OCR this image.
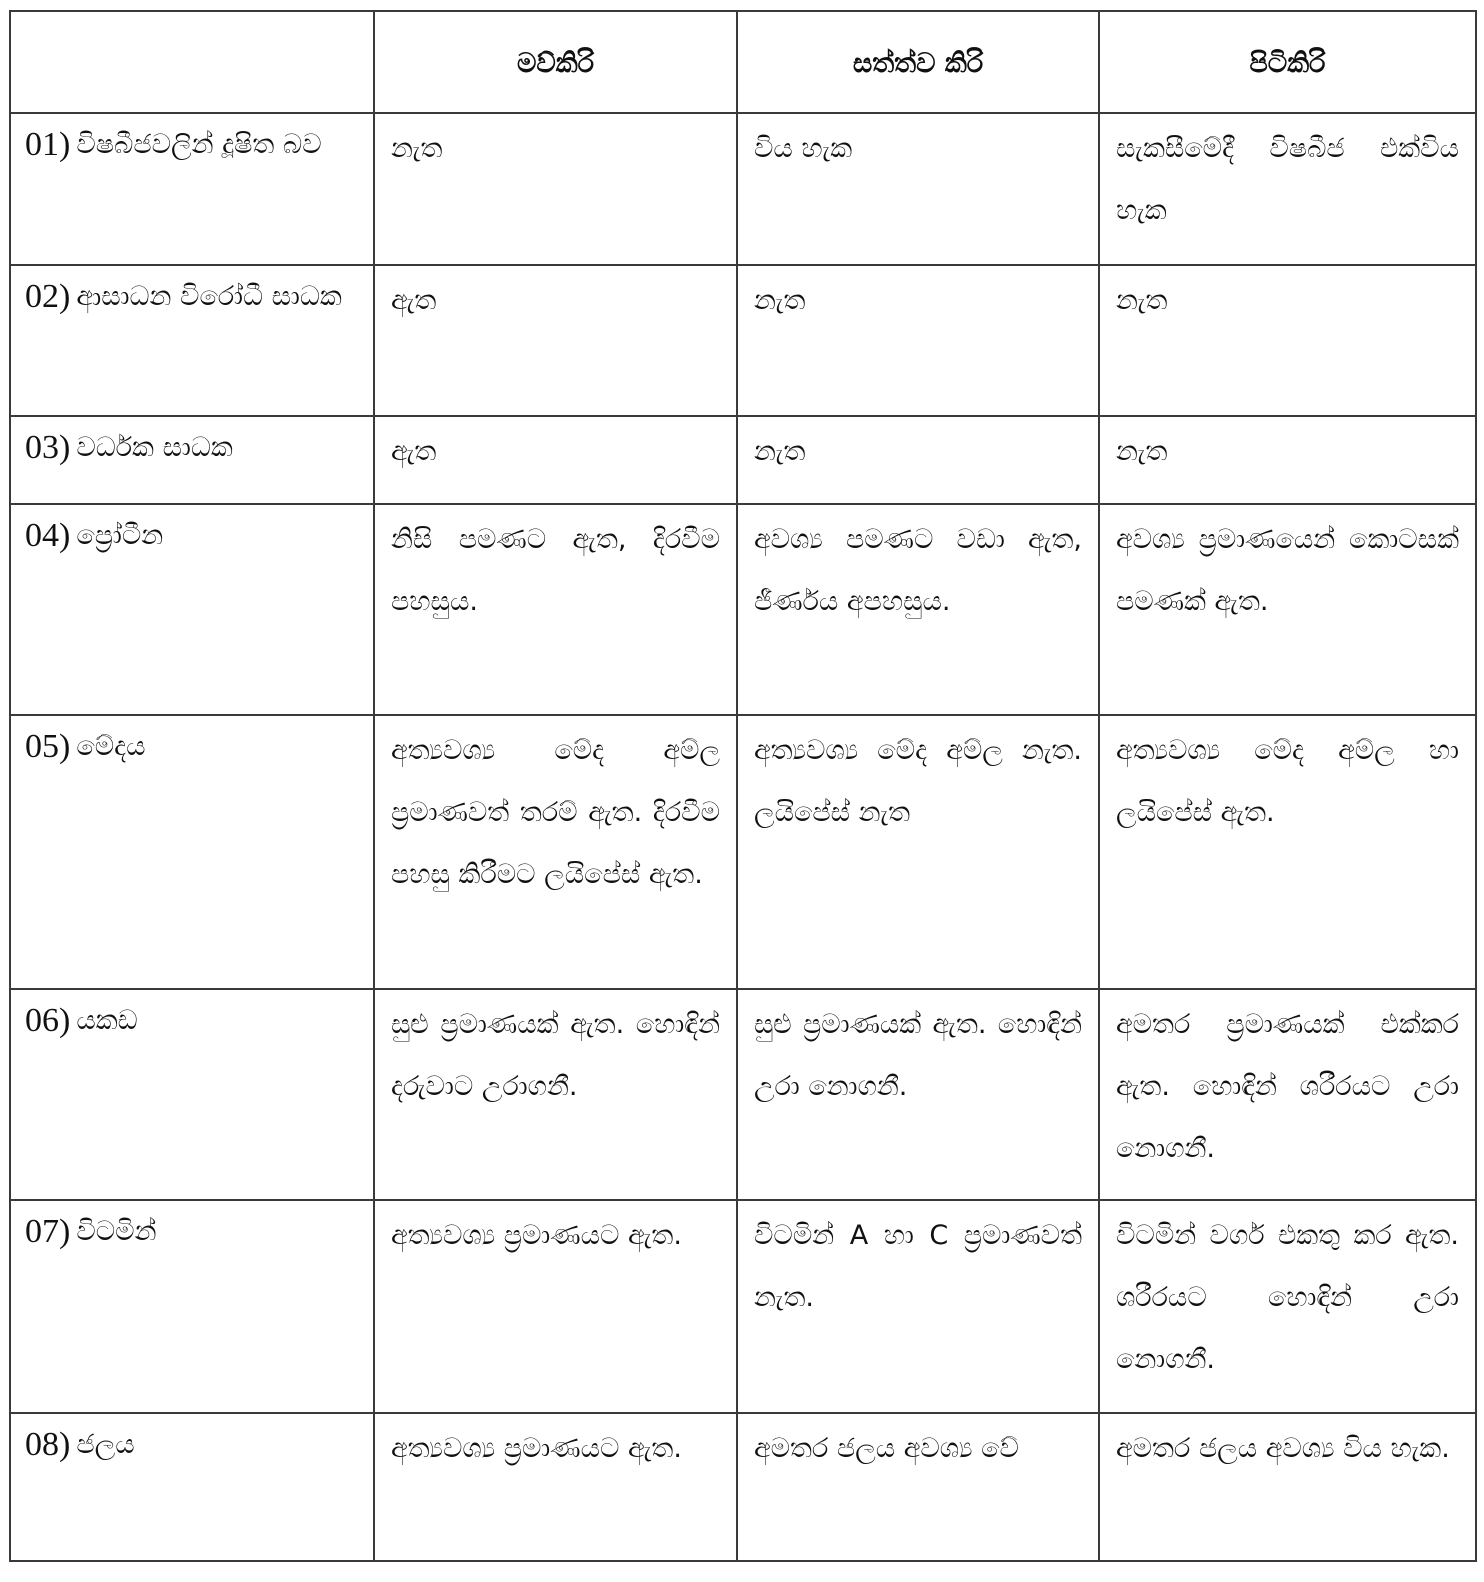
	මව්කිරි	සත්ත්ව කිරි	පිටිකිරි

01) විෂබීජවලින් දූෂිත බව	නැත	විය හැක	සැකසීමේදී විෂබීජ එක්විය හැක

02) ආසාධන විරෝධී සාධක	ඇත	නැත	නැත

03) වර්ධක සාධක	ඇත	නැත	නැත

04) ප්‍රෝටීන	නිසි පමණට ඇත, දිරවීම පහසුය.	අවශ්‍ය පමණට වඩා ඇත, ජීර්ණය අපහසුය.	අවශ්‍ය ප්‍රමාණයෙන් කොටසක් පමණක් ඇත.

05) මේදය	අත්‍යවශ්‍ය මේද අම්ල ප්‍රමාණවත් තරම් ඇත. දිරවීම පහසු කිරීමට ලයිපේස් ඇත.	අත්‍යවශ්‍ය මේද අම්ල නැත. ලයිපේස් නැත	අත්‍යවශ්‍ය මේද අම්ල හා ලයිපේස් ඇත.

06) යකඩ	සුළු ප්‍රමාණයක් ඇත. හොඳින් දරුවාට උරාගනී.	සුළු ප්‍රමාණයක් ඇත. හොඳින් උරා නොගනී.	අමතර ප්‍රමාණයක් එක්කර ඇත. හොඳින් ශරීරයට උරා නොගනී.

07) විටමින්	අත්‍යවශ්‍ය ප්‍රමාණයට ඇත.	විටමින් A හා C ප්‍රමාණවත් නැත.	විටමින් වර්ග එකතු කර ඇත. ශරීරයට හොඳින් උරා නොගනී.

08) ජලය	අත්‍යවශ්‍ය ප්‍රමාණයට ඇත.	අමතර ජලය අවශ්‍ය වේ	අමතර ජලය අවශ්‍ය විය හැක.
